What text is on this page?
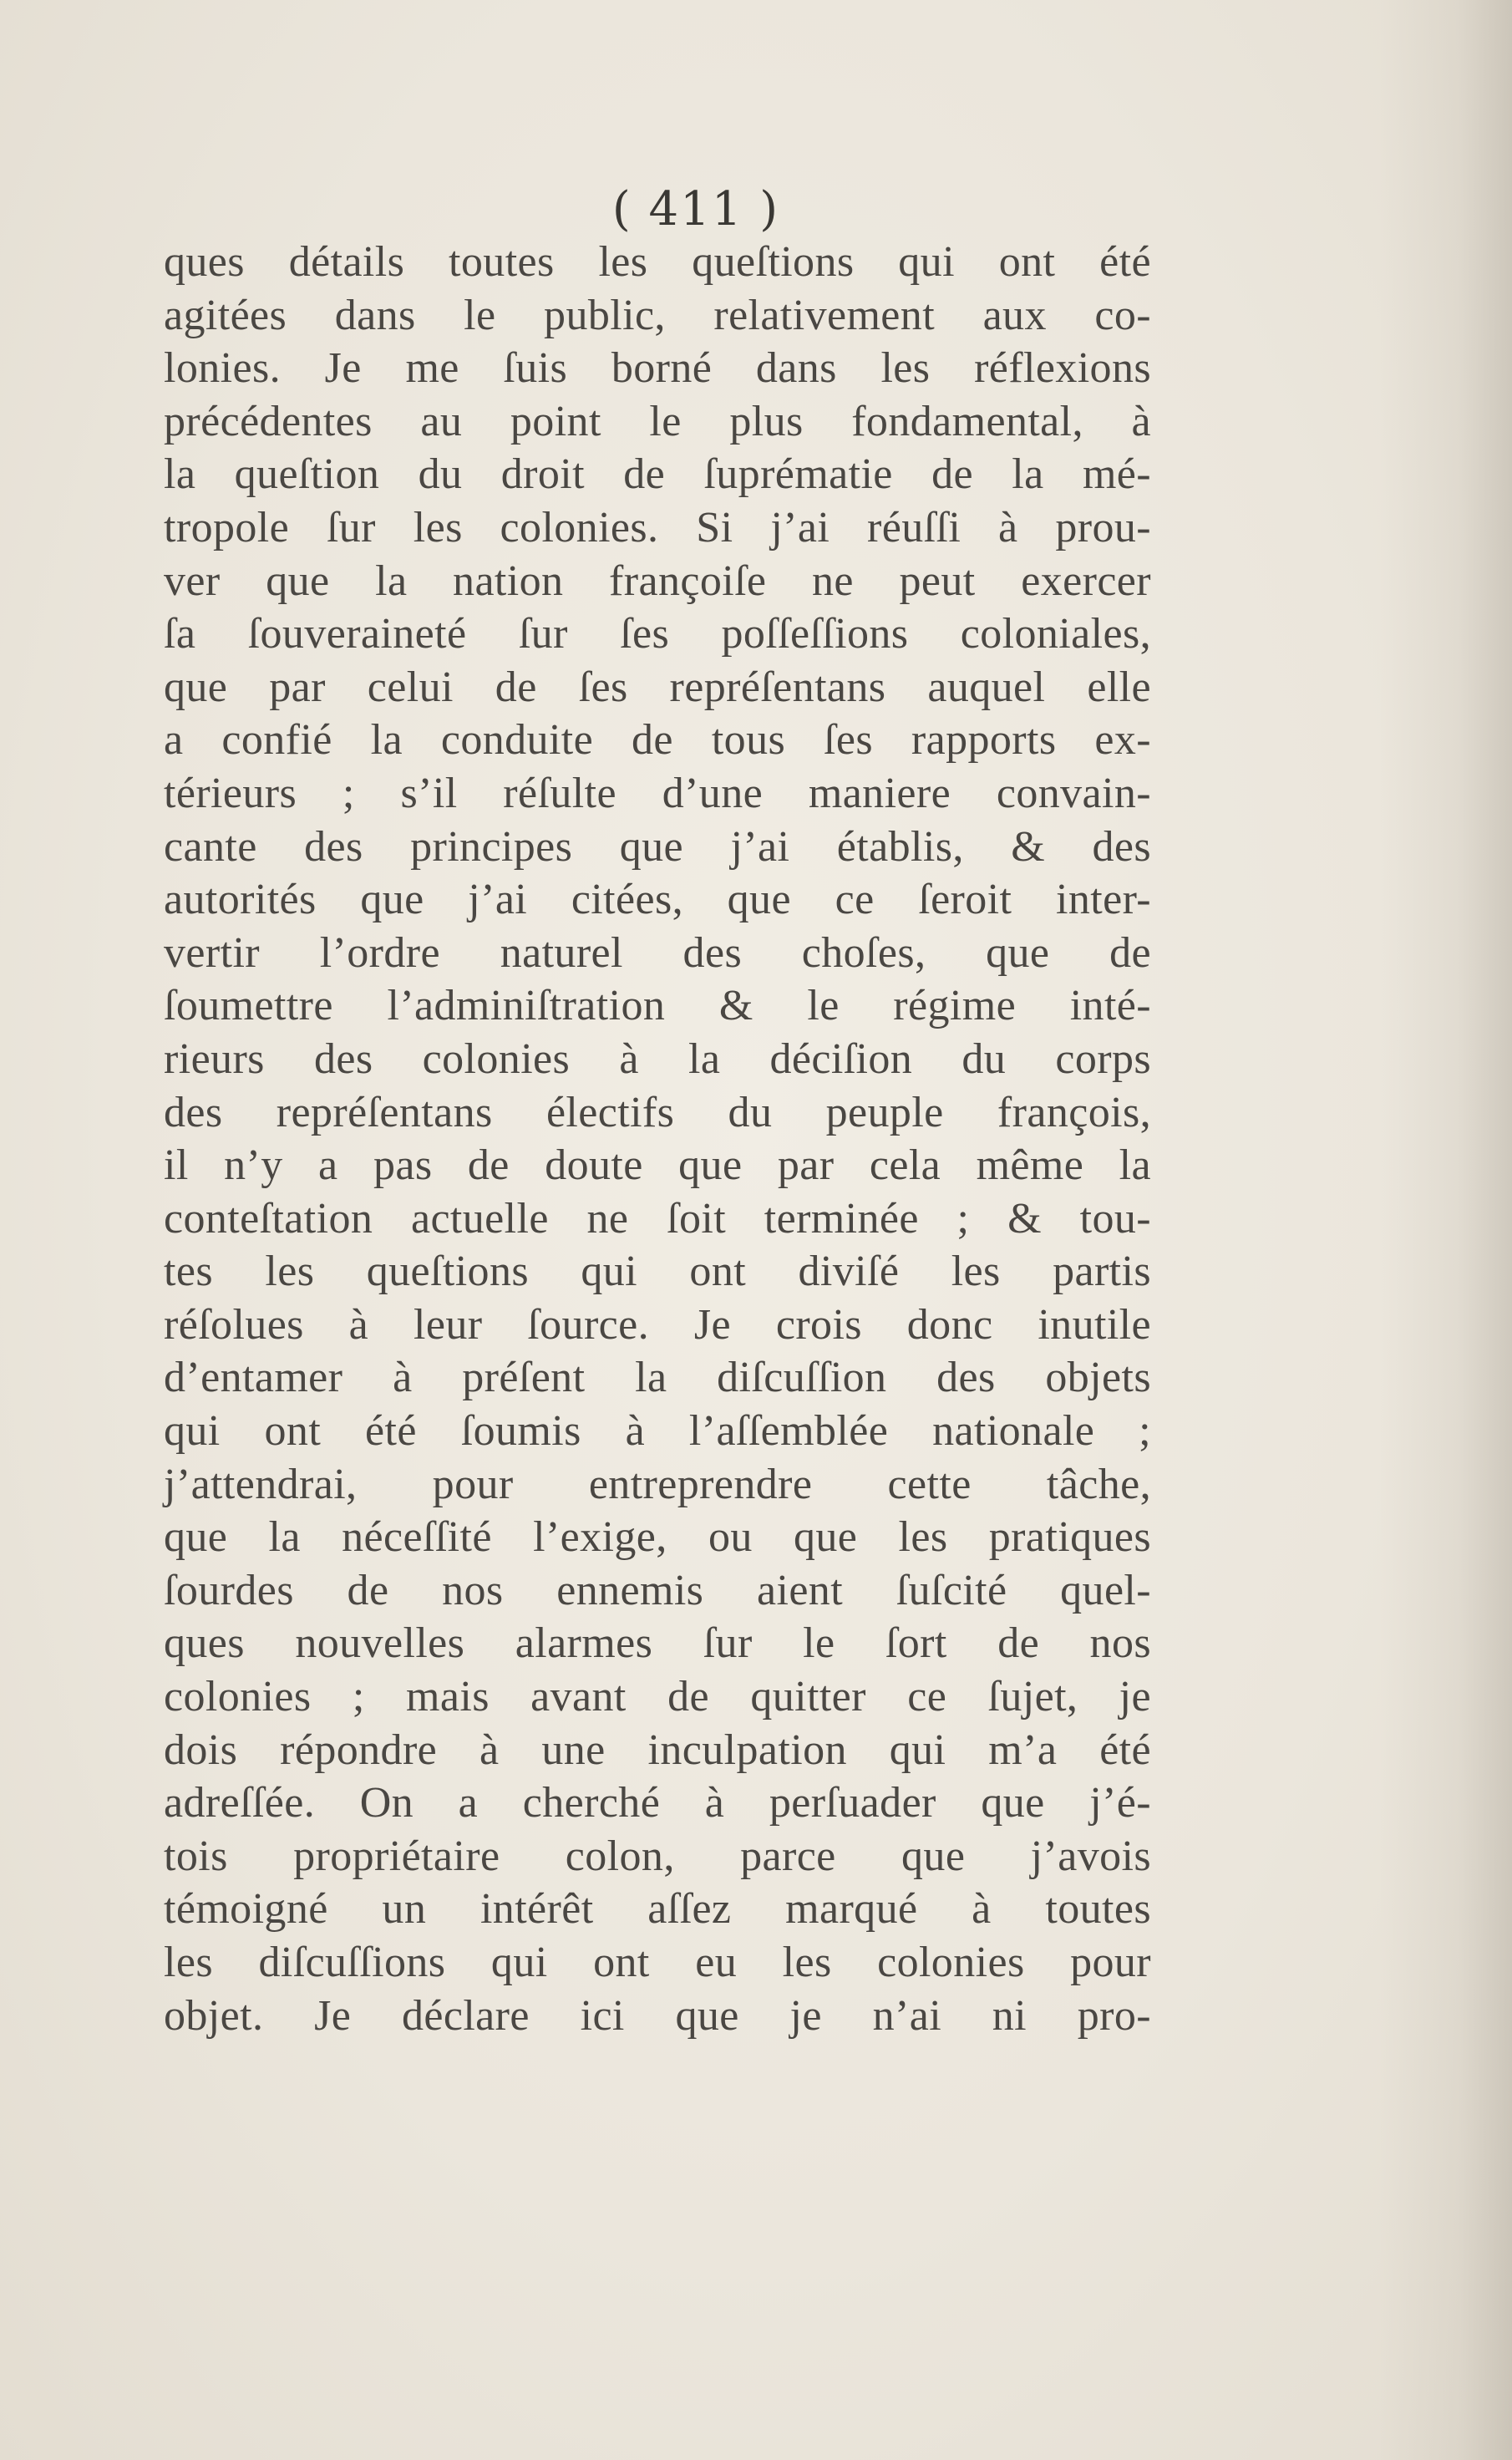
( 411 )
ques détails toutes les queſtions qui ont été
agitées dans le public, relativement aux co-
lonies. Je me ſuis borné dans les réflexions
précédentes au point le plus fondamental, à
la queſtion du droit de ſuprématie de la mé-
tropole ſur les colonies. Si j’ai réuſſi à prou-
ver que la nation françoiſe ne peut exercer
ſa ſouveraineté ſur ſes poſſeſſions coloniales,
que par celui de ſes repréſentans auquel elle
a confié la conduite de tous ſes rapports ex-
térieurs ; s’il réſulte d’une maniere convain-
cante des principes que j’ai établis, & des
autorités que j’ai citées, que ce ſeroit inter-
vertir l’ordre naturel des choſes, que de
ſoumettre l’adminiſtration & le régime inté-
rieurs des colonies à la déciſion du corps
des repréſentans électifs du peuple françois,
il n’y a pas de doute que par cela même la
conteſtation actuelle ne ſoit terminée ; & tou-
tes les queſtions qui ont diviſé les partis
réſolues à leur ſource. Je crois donc inutile
d’entamer à préſent la diſcuſſion des objets
qui ont été ſoumis à l’aſſemblée nationale ;
j’attendrai, pour entreprendre cette tâche,
que la néceſſité l’exige, ou que les pratiques
ſourdes de nos ennemis aient ſuſcité quel-
ques nouvelles alarmes ſur le ſort de nos
colonies ; mais avant de quitter ce ſujet, je
dois répondre à une inculpation qui m’a été
adreſſée. On a cherché à perſuader que j’é-
tois propriétaire colon, parce que j’avois
témoigné un intérêt aſſez marqué à toutes
les diſcuſſions qui ont eu les colonies pour
objet. Je déclare ici que je n’ai ni pro-
